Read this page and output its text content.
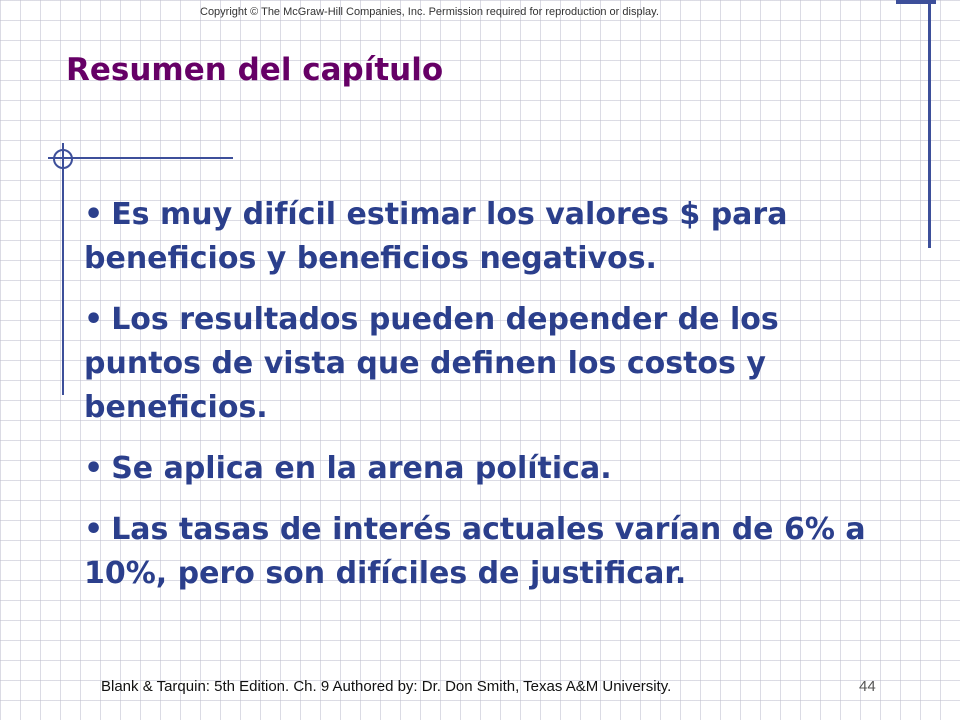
Copyright © The McGraw-Hill Companies, Inc. Permission required for reproduction or display.
Resumen del capítulo
• Es muy difícil estimar los valores $ para beneficios y beneficios negativos.
• Los resultados pueden depender de los puntos de vista que definen los costos y beneficios.
• Se aplica en la arena política.
• Las tasas de interés actuales varían de 6% a 10%, pero son difíciles de justificar.
Blank & Tarquin: 5th Edition. Ch. 9 Authored by: Dr. Don Smith, Texas A&M University.	44
